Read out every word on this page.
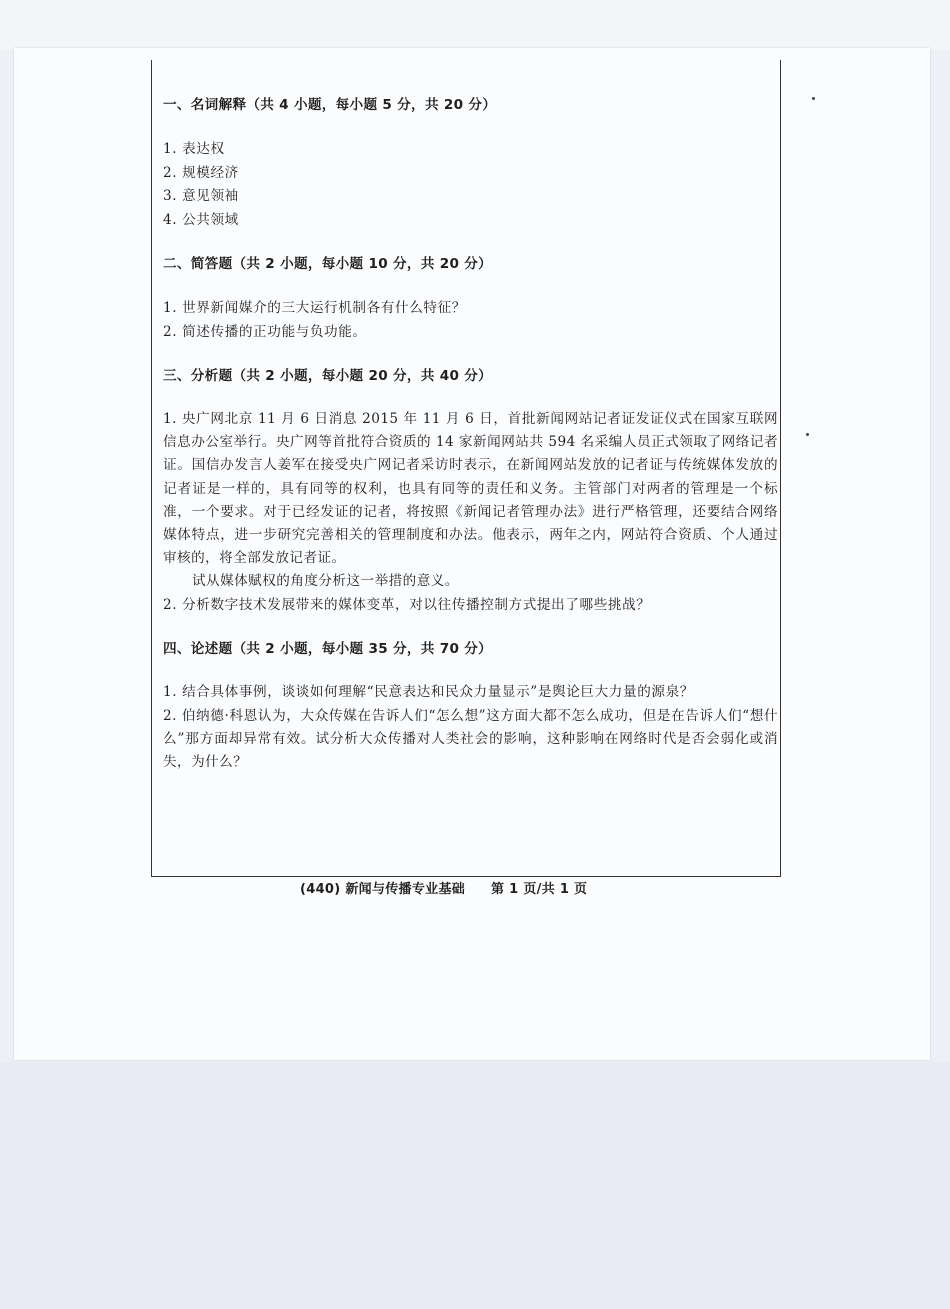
一、名词解释（共 4 小题，每小题 5 分，共 20 分）

1. 表达权

2. 规模经济

3. 意见领袖

4. 公共领域

二、简答题（共 2 小题，每小题 10 分，共 20 分）

1. 世界新闻媒介的三大运行机制各有什么特征？

2. 简述传播的正功能与负功能。

三、分析题（共 2 小题，每小题 20 分，共 40 分）

1. 央广网北京 11 月 6 日消息 2015 年 11 月 6 日，首批新闻网站记者证发证仪式在国家互联网信息办公室举行。央广网等首批符合资质的 14 家新闻网站共 594 名采编人员正式领取了网络记者证。国信办发言人姜军在接受央广网记者采访时表示，在新闻网站发放的记者证与传统媒体发放的记者证是一样的，具有同等的权利，也具有同等的责任和义务。主管部门对两者的管理是一个标准，一个要求。对于已经发证的记者，将按照《新闻记者管理办法》进行严格管理，还要结合网络媒体特点，进一步研究完善相关的管理制度和办法。他表示，两年之内，网站符合资质、个人通过审核的，将全部发放记者证。

试从媒体赋权的角度分析这一举措的意义。

2. 分析数字技术发展带来的媒体变革，对以往传播控制方式提出了哪些挑战？

四、论述题（共 2 小题，每小题 35 分，共 70 分）

1. 结合具体事例，谈谈如何理解“民意表达和民众力量显示”是舆论巨大力量的源泉？

2. 伯纳德·科恩认为，大众传媒在告诉人们“怎么想”这方面大都不怎么成功，但是在告诉人们“想什么”那方面却异常有效。试分析大众传播对人类社会的影响，这种影响在网络时代是否会弱化或消失，为什么？

(440) 新闻与传播专业基础 第 1 页/共 1 页
